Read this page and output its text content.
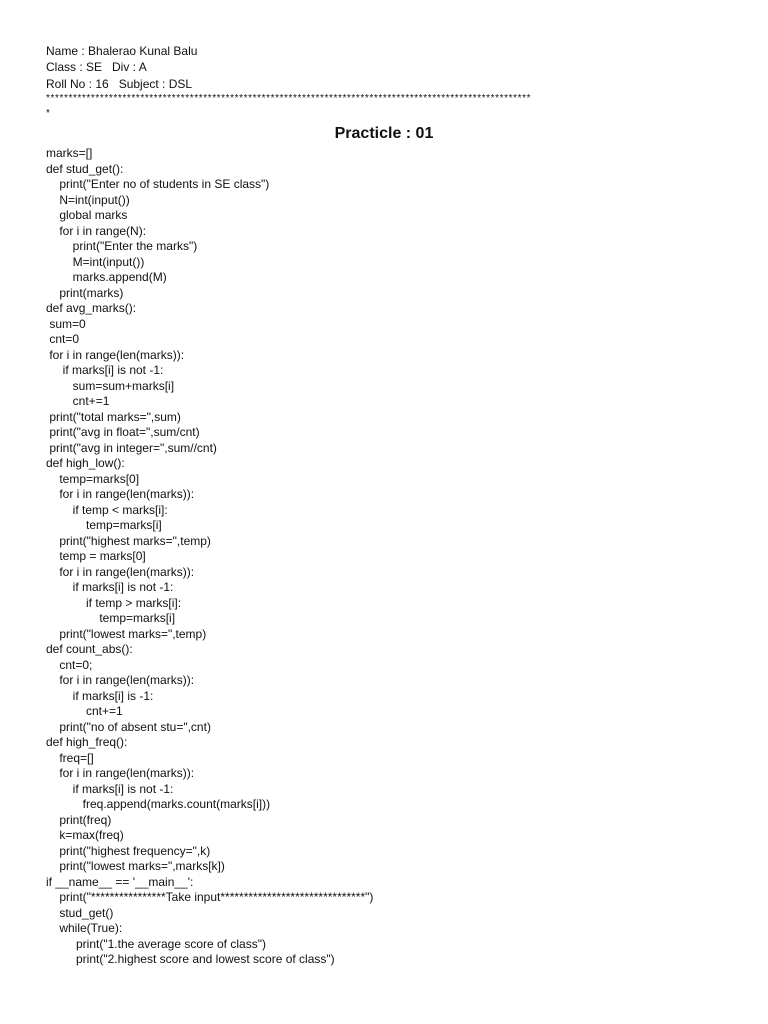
Name : Bhalerao Kunal Balu
Class : SE   Div : A
Roll No : 16   Subject : DSL
************************************************************************************************************
*
Practicle : 01
marks=[]
def stud_get():
print("Enter no of students in SE class")
N=int(input())
global marks
for i in range(N):
print("Enter the marks")
M=int(input())
marks.append(M)
print(marks)
def avg_marks():
sum=0
cnt=0
for i in range(len(marks)):
if marks[i] is not -1:
sum=sum+marks[i]
cnt+=1
print("total marks=",sum)
print("avg in float=",sum/cnt)
print("avg in integer=",sum//cnt)
def high_low():
temp=marks[0]
for i in range(len(marks)):
if temp < marks[i]:
temp=marks[i]
print("highest marks=",temp)
temp = marks[0]
for i in range(len(marks)):
if marks[i] is not -1:
if temp > marks[i]:
temp=marks[i]
print("lowest marks=",temp)
def count_abs():
cnt=0;
for i in range(len(marks)):
if marks[i] is -1:
cnt+=1
print("no of absent stu=",cnt)
def high_freq():
freq=[]
for i in range(len(marks)):
if marks[i] is not -1:
freq.append(marks.count(marks[i]))
print(freq)
k=max(freq)
print("highest frequency=",k)
print("lowest marks=",marks[k])
if __name__ == '__main__':
print("****************Take input*******************************")
stud_get()
while(True):
print("1.the average score of class")
print("2.highest score and lowest score of class")
